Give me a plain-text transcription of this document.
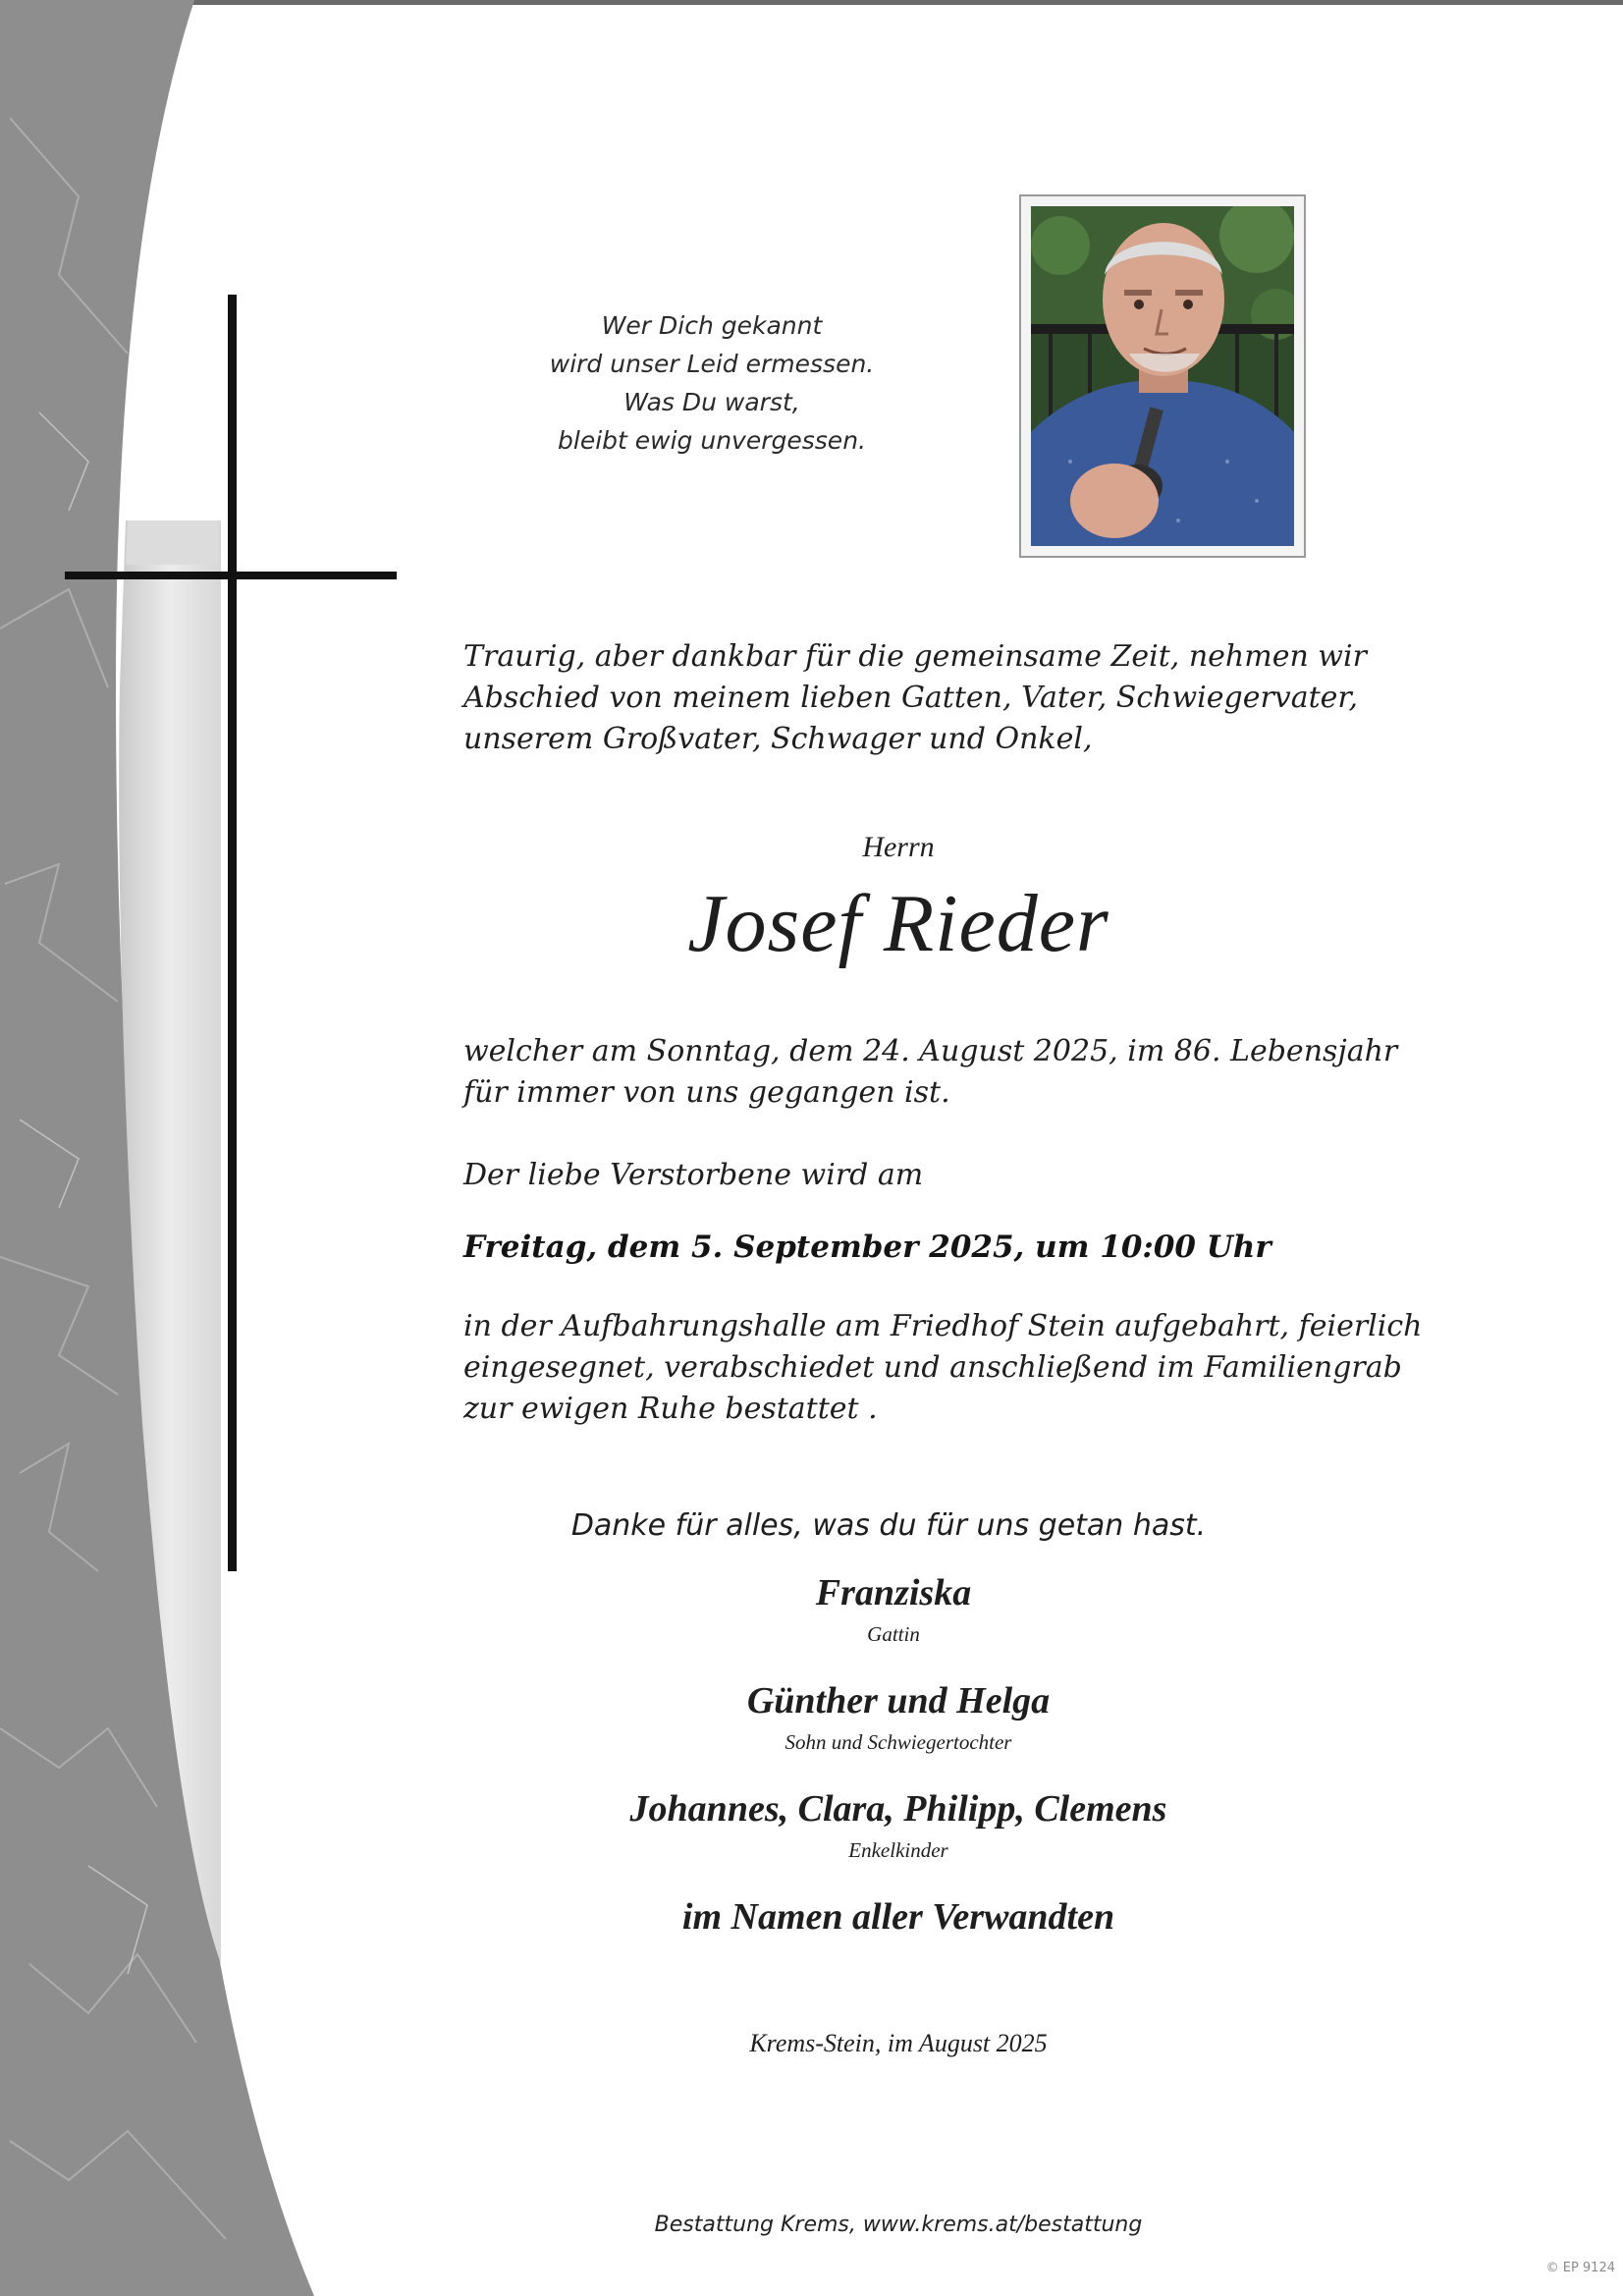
Wer Dich gekannt
wird unser Leid ermessen.
Was Du warst,
bleibt ewig unvergessen.
Traurig, aber dankbar für die gemeinsame Zeit, nehmen wir
Abschied von meinem lieben Gatten, Vater, Schwiegervater,
unserem Großvater, Schwager und Onkel,
Herrn
Josef Rieder
welcher am Sonntag, dem 24. August 2025, im 86. Lebensjahr
für immer von uns gegangen ist.
Der liebe Verstorbene wird am
Freitag, dem 5. September 2025, um 10:00 Uhr
in der Aufbahrungshalle am Friedhof Stein aufgebahrt, feierlich
eingesegnet, verabschiedet und anschließend im Familiengrab
zur ewigen Ruhe bestattet .
Danke für alles, was du für uns getan hast.
Franziska
Gattin
Günther und Helga
Sohn und Schwiegertochter
Johannes, Clara, Philipp, Clemens
Enkelkinder
im Namen aller Verwandten
Krems-Stein, im August 2025
Bestattung Krems, www.krems.at/bestattung
© EP 9124
